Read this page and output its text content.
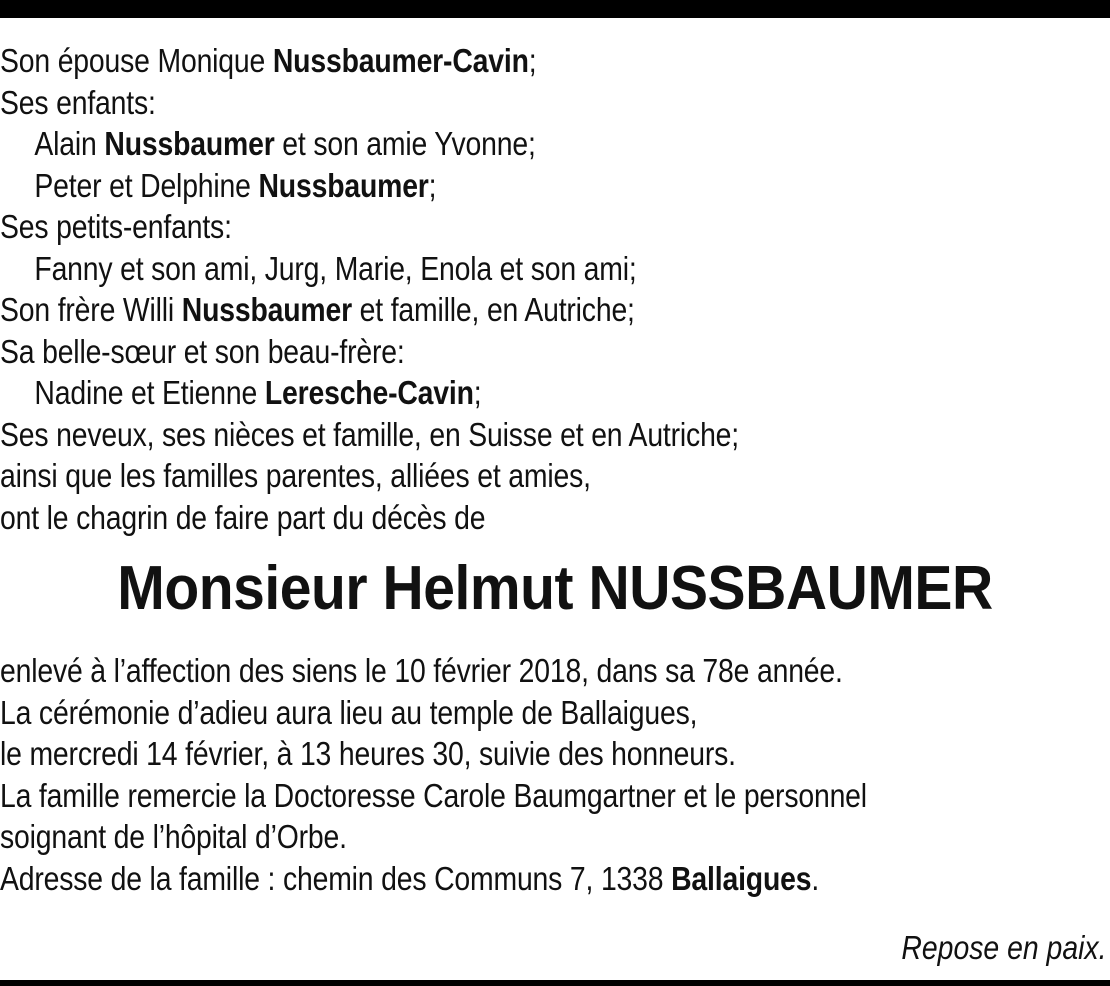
Son épouse Monique Nussbaumer-Cavin;
Ses enfants:
Alain Nussbaumer et son amie Yvonne;
Peter et Delphine Nussbaumer;
Ses petits-enfants:
Fanny et son ami, Jurg, Marie, Enola et son ami;
Son frère Willi Nussbaumer et famille, en Autriche;
Sa belle-sœur et son beau-frère:
Nadine et Etienne Leresche-Cavin;
Ses neveux, ses nièces et famille, en Suisse et en Autriche;
ainsi que les familles parentes, alliées et amies,
ont le chagrin de faire part du décès de
Monsieur Helmut NUSSBAUMER
enlevé à l’affection des siens le 10 février 2018, dans sa 78e année.
La cérémonie d’adieu aura lieu au temple de Ballaigues,
le mercredi 14 février, à 13 heures 30, suivie des honneurs.
La famille remercie la Doctoresse Carole Baumgartner et le personnel
soignant de l’hôpital d’Orbe.
Adresse de la famille : chemin des Communs 7, 1338 Ballaigues.
Repose en paix.
